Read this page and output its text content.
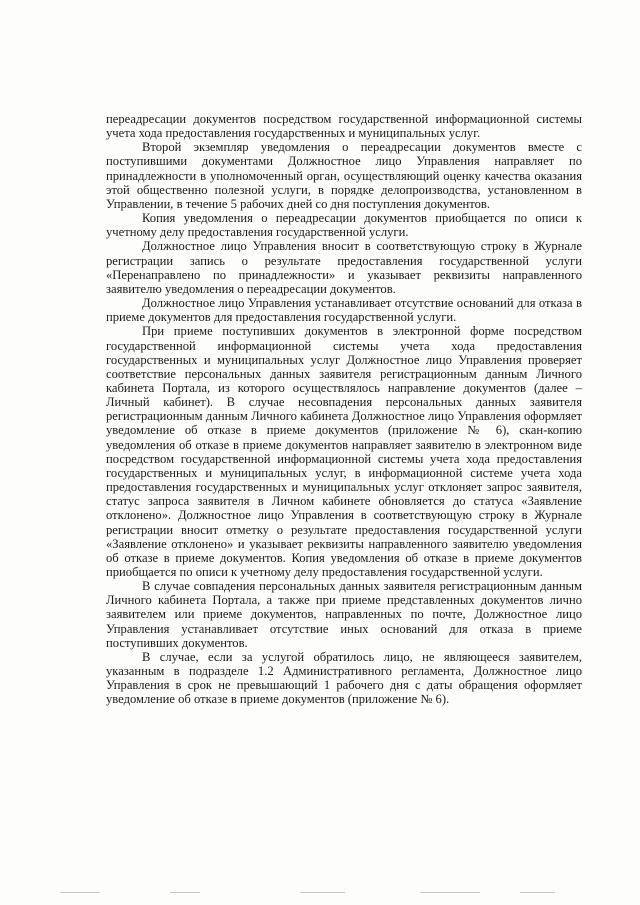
переадресации документов посредством государственной информационной системы учета хода предоставления государственных и муниципальных услуг.

Второй экземпляр уведомления о переадресации документов вместе с поступившими документами Должностное лицо Управления направляет по принадлежности в уполномоченный орган, осуществляющий оценку качества оказания этой общественно полезной услуги, в порядке делопроизводства, установленном в Управлении, в течение 5 рабочих дней со дня поступления документов.

Копия уведомления о переадресации документов приобщается по описи к учетному делу предоставления государственной услуги.

Должностное лицо Управления вносит в соответствующую строку в Журнале регистрации запись о результате предоставления государственной услуги «Перенаправлено по принадлежности» и указывает реквизиты направленного заявителю уведомления о переадресации документов.

Должностное лицо Управления устанавливает отсутствие оснований для отказа в приеме документов для предоставления государственной услуги.

При приеме поступивших документов в электронной форме посредством государственной информационной системы учета хода предоставления государственных и муниципальных услуг Должностное лицо Управления проверяет соответствие персональных данных заявителя регистрационным данным Личного кабинета Портала, из которого осуществлялось направление документов (далее – Личный кабинет). В случае несовпадения персональных данных заявителя регистрационным данным Личного кабинета Должностное лицо Управления оформляет уведомление об отказе в приеме документов (приложение № 6), скан-копию уведомления об отказе в приеме документов направляет заявителю в электронном виде посредством государственной информационной системы учета хода предоставления государственных и муниципальных услуг, в информационной системе учета хода предоставления государственных и муниципальных услуг отклоняет запрос заявителя, статус запроса заявителя в Личном кабинете обновляется до статуса «Заявление отклонено». Должностное лицо Управления в соответствующую строку в Журнале регистрации вносит отметку о результате предоставления государственной услуги «Заявление отклонено» и указывает реквизиты направленного заявителю уведомления об отказе в приеме документов. Копия уведомления об отказе в приеме документов приобщается по описи к учетному делу предоставления государственной услуги.

В случае совпадения персональных данных заявителя регистрационным данным Личного кабинета Портала, а также при приеме представленных документов лично заявителем или приеме документов, направленных по почте, Должностное лицо Управления устанавливает отсутствие иных оснований для отказа в приеме поступивших документов.

В случае, если за услугой обратилось лицо, не являющееся заявителем, указанным в подразделе 1.2 Административного регламента, Должностное лицо Управления в срок не превышающий 1 рабочего дня с даты обращения оформляет уведомление об отказе в приеме документов (приложение № 6).
